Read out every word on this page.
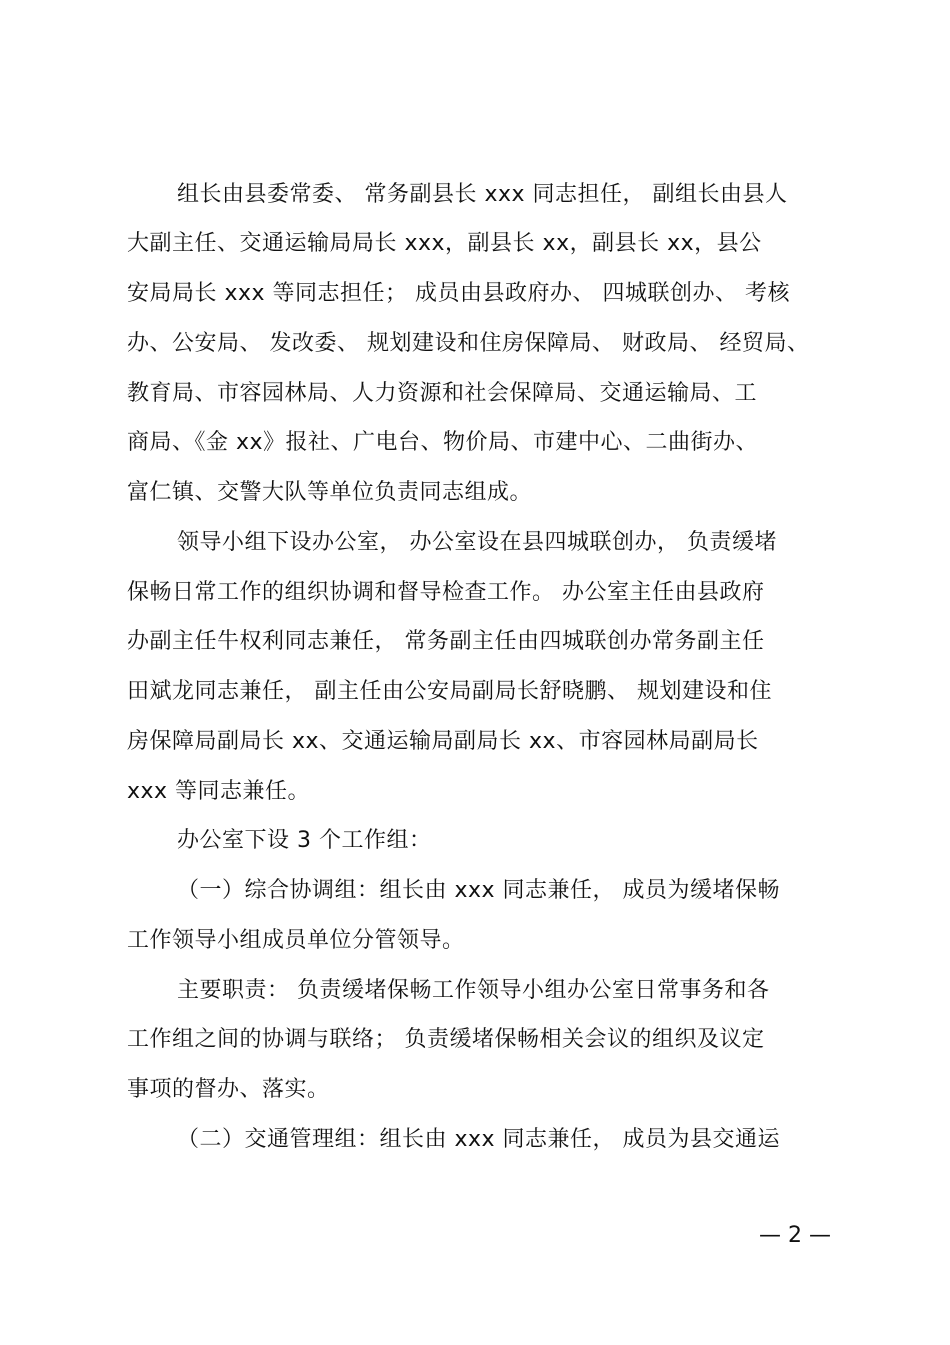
组长由县委常委、 常务副县长 xxx 同志担任， 副组长由县人
大副主任、交通运输局局长 xxx，副县长 xx，副县长 xx，县公
安局局长 xxx 等同志担任； 成员由县政府办、 四城联创办、 考核
办、公安局、 发改委、 规划建设和住房保障局、 财政局、 经贸局、
教育局、市容园林局、人力资源和社会保障局、交通运输局、工
商局、《金 xx》报社、广电台、物价局、市建中心、二曲街办、
富仁镇、交警大队等单位负责同志组成。
领导小组下设办公室， 办公室设在县四城联创办， 负责缓堵
保畅日常工作的组织协调和督导检查工作。 办公室主任由县政府
办副主任牛权利同志兼任， 常务副主任由四城联创办常务副主任
田斌龙同志兼任， 副主任由公安局副局长舒晓鹏、 规划建设和住
房保障局副局长 xx、交通运输局副局长 xx、市容园林局副局长
xxx 等同志兼任。
办公室下设 3 个工作组：
（一）综合协调组：组长由 xxx 同志兼任， 成员为缓堵保畅
工作领导小组成员单位分管领导。
主要职责： 负责缓堵保畅工作领导小组办公室日常事务和各
工作组之间的协调与联络； 负责缓堵保畅相关会议的组织及议定
事项的督办、落实。
（二）交通管理组：组长由 xxx 同志兼任， 成员为县交通运
— 2 —
